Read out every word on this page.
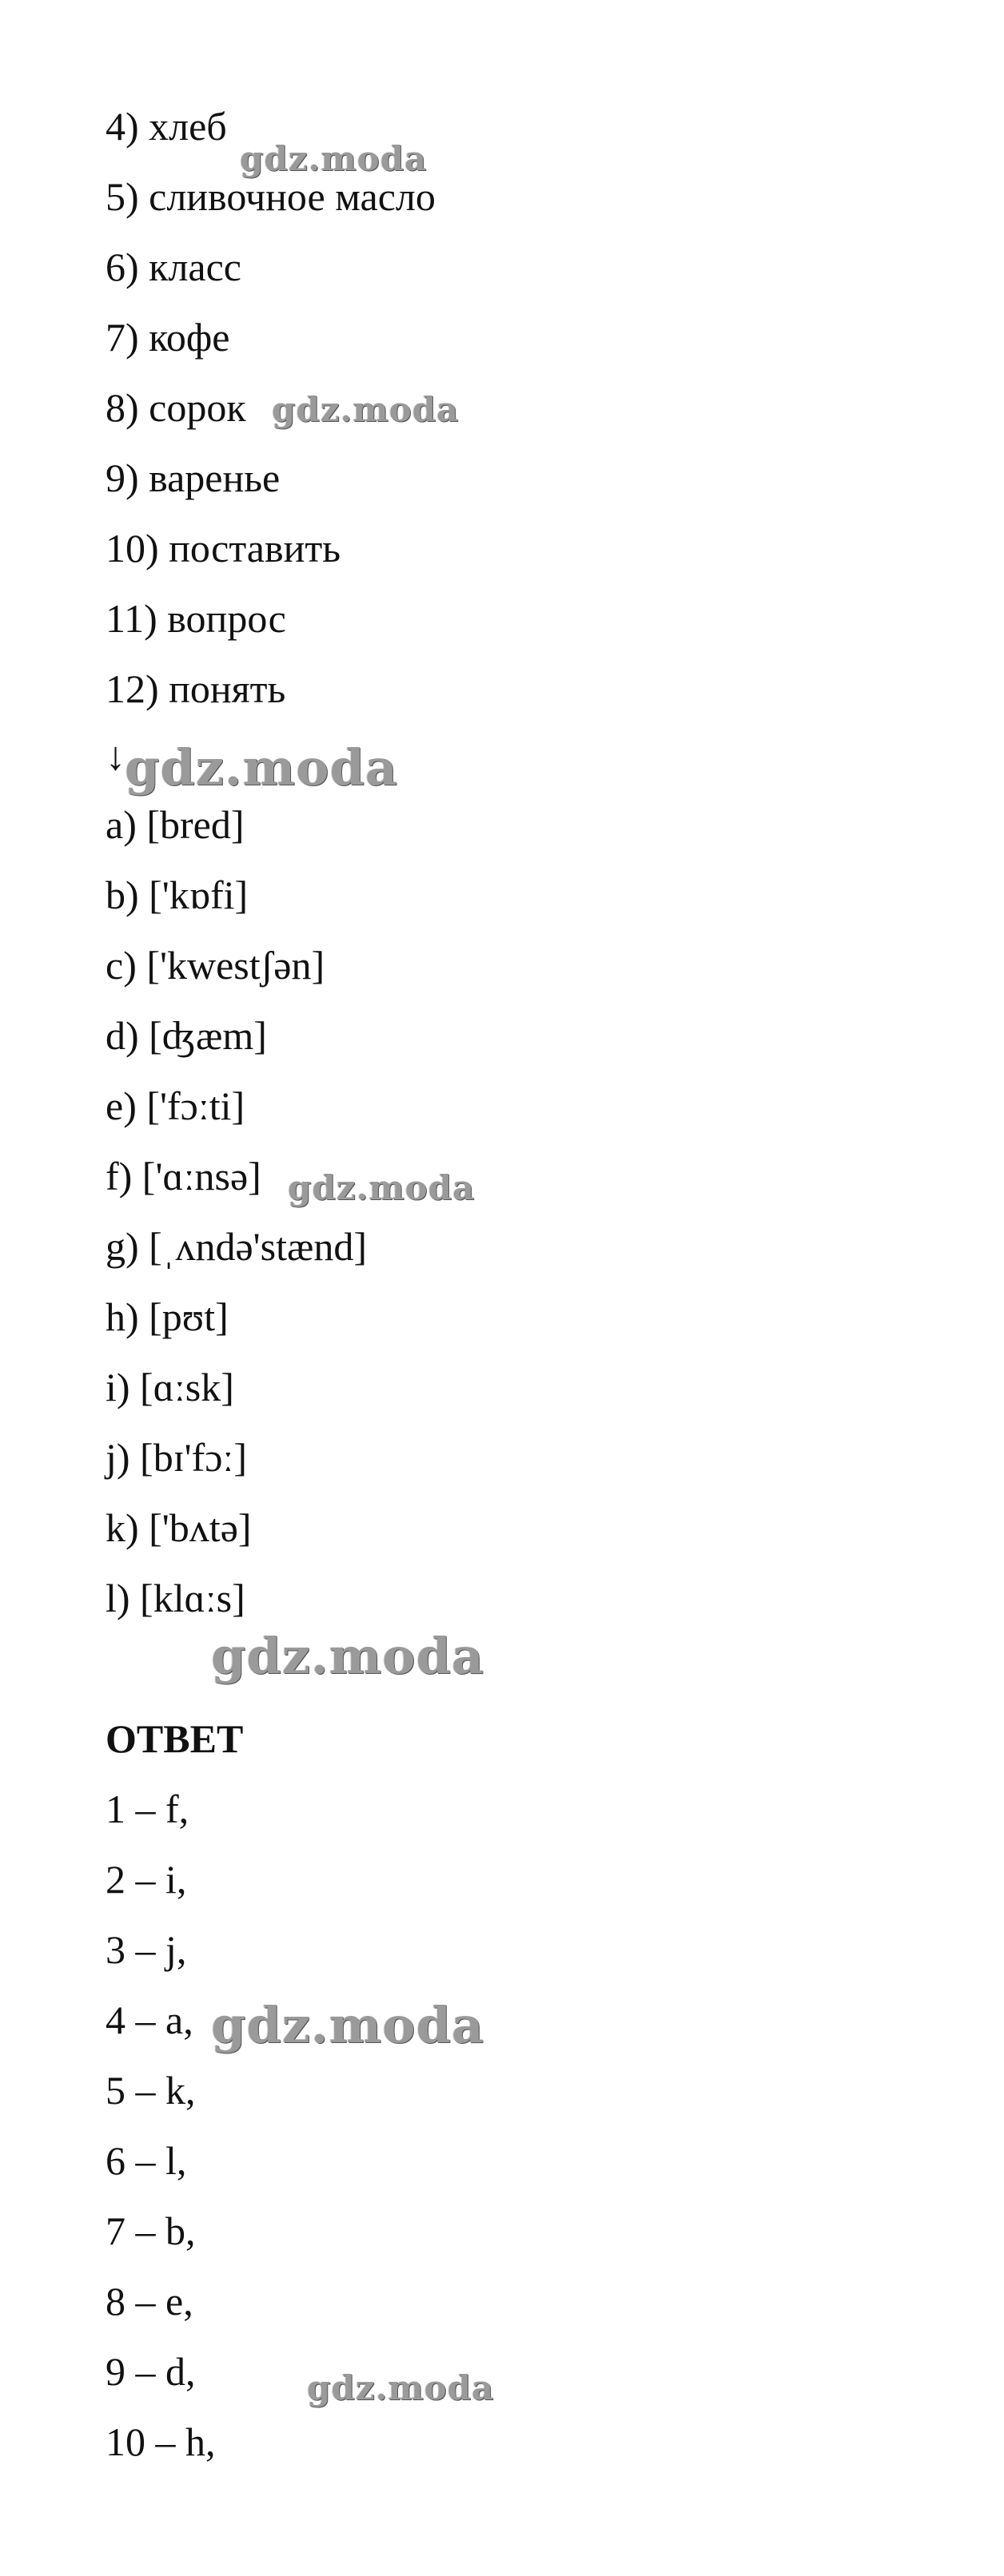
4) хлеб
5) сливочное масло
6) класс
7) кофе
8) сорок
9) варенье
10) поставить
11) вопрос
12) понять
↓
a) [bred]
b) ['kɒfi]
c) ['kwestʃən]
d) [ʤæm]
e) ['fɔːti]
f) ['ɑːnsə]
g) [ˌʌndə'stænd]
h) [pʊt]
i) [ɑːsk]
j) [bɪ'fɔː]
k) ['bʌtə]
l) [klɑːs]
ОТВЕТ
1 – f,
2 – i,
3 – j,
4 – a,
5 – k,
6 – l,
7 – b,
8 – e,
9 – d,
10 – h,
gdz.moda
gdz.moda
gdz.moda
gdz.moda
gdz.moda
gdz.moda
gdz.moda
